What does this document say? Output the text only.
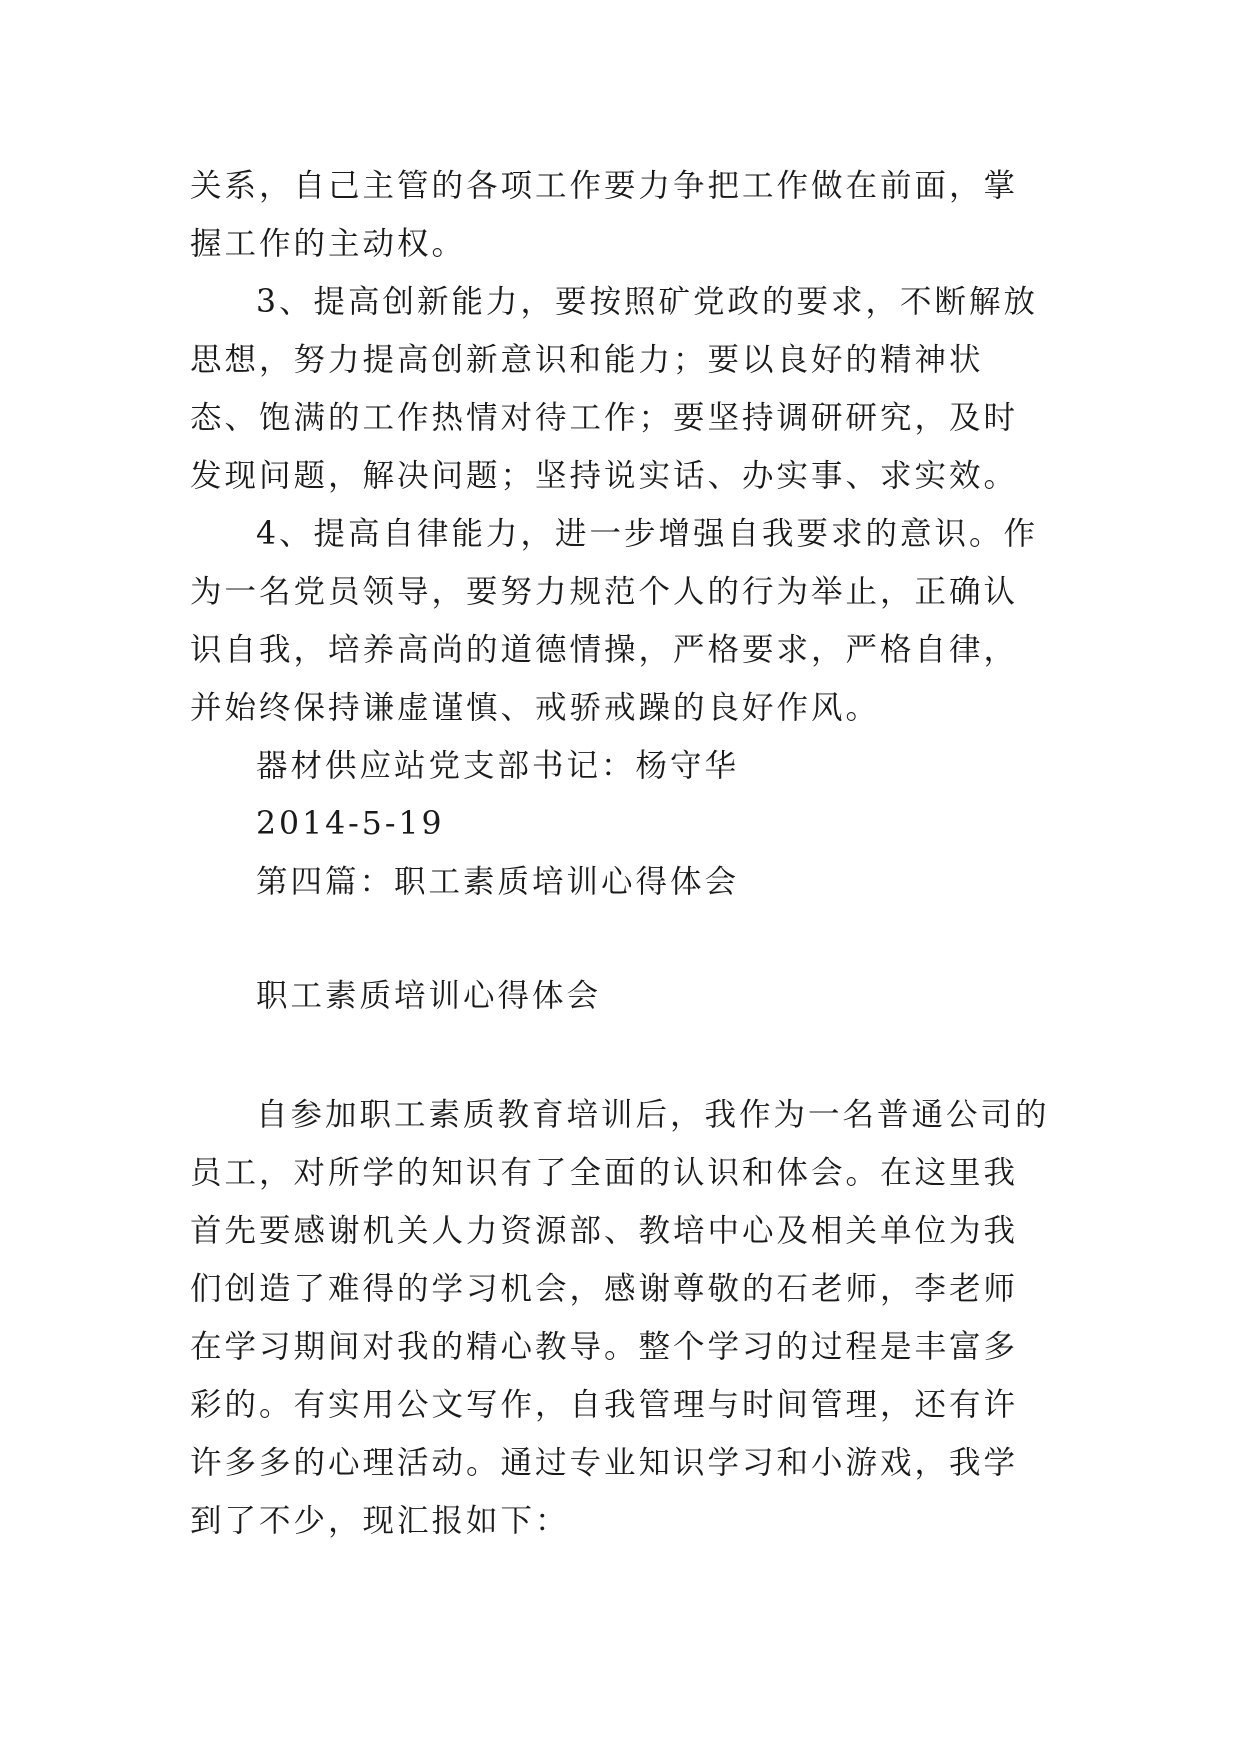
关系，自己主管的各项工作要力争把工作做在前面，掌握工作的主动权。

3、提高创新能力，要按照矿党政的要求，不断解放思想，努力提高创新意识和能力；要以良好的精神状态、饱满的工作热情对待工作；要坚持调研研究，及时发现问题，解决问题；坚持说实话、办实事、求实效。

4、提高自律能力，进一步增强自我要求的意识。作为一名党员领导，要努力规范个人的行为举止，正确认识自我，培养高尚的道德情操，严格要求，严格自律，并始终保持谦虚谨慎、戒骄戒躁的良好作风。

器材供应站党支部书记：杨守华

2014-5-19

第四篇：职工素质培训心得体会

职工素质培训心得体会

自参加职工素质教育培训后，我作为一名普通公司的员工，对所学的知识有了全面的认识和体会。在这里我首先要感谢机关人力资源部、教培中心及相关单位为我们创造了难得的学习机会，感谢尊敬的石老师，李老师在学习期间对我的精心教导。整个学习的过程是丰富多彩的。有实用公文写作，自我管理与时间管理，还有许许多多的心理活动。通过专业知识学习和小游戏，我学到了不少，现汇报如下：
